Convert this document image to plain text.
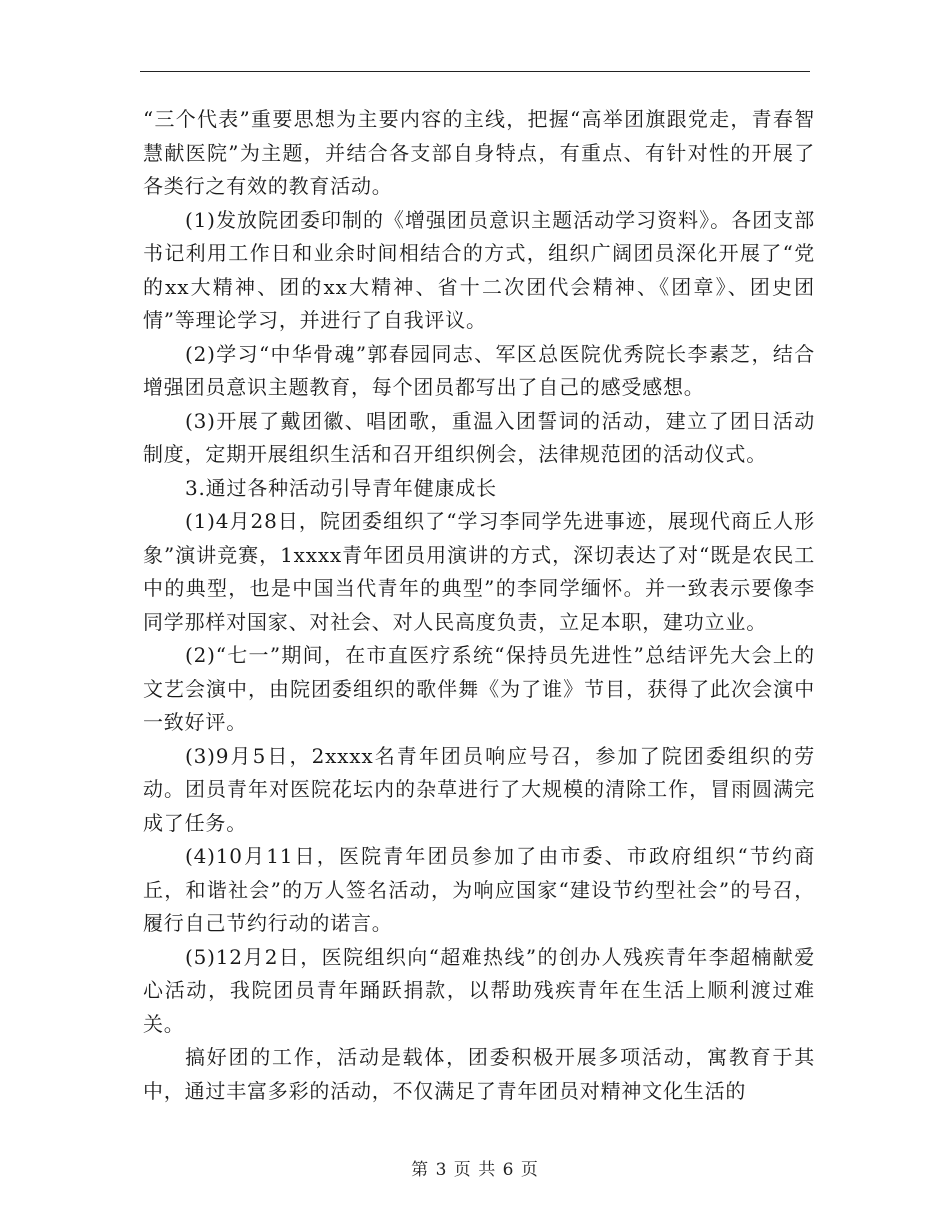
“三个代表”重要思想为主要内容的主线，把握“高举团旗跟党走，青春智慧献医院”为主题，并结合各支部自身特点，有重点、有针对性的开展了各类行之有效的教育活动。

(1)发放院团委印制的《增强团员意识主题活动学习资料》。各团支部书记利用工作日和业余时间相结合的方式，组织广阔团员深化开展了“党的xx大精神、团的xx大精神、省十二次团代会精神、《团章》、团史团情”等理论学习，并进行了自我评议。

(2)学习“中华骨魂”郭春园同志、军区总医院优秀院长李素芝，结合增强团员意识主题教育，每个团员都写出了自己的感受感想。

(3)开展了戴团徽、唱团歌，重温入团誓词的活动，建立了团日活动制度，定期开展组织生活和召开组织例会，法律规范团的活动仪式。

3.通过各种活动引导青年健康成长

(1)4月28日，院团委组织了“学习李同学先进事迹，展现代商丘人形象”演讲竞赛，1xxxx青年团员用演讲的方式，深切表达了对“既是农民工中的典型，也是中国当代青年的典型”的李同学缅怀。并一致表示要像李同学那样对国家、对社会、对人民高度负责，立足本职，建功立业。

(2)“七一”期间，在市直医疗系统“保持员先进性”总结评先大会上的文艺会演中，由院团委组织的歌伴舞《为了谁》节目，获得了此次会演中一致好评。

(3)9月5日，2xxxx名青年团员响应号召，参加了院团委组织的劳动。团员青年对医院花坛内的杂草进行了大规模的清除工作，冒雨圆满完成了任务。

(4)10月11日，医院青年团员参加了由市委、市政府组织“节约商丘，和谐社会”的万人签名活动，为响应国家“建设节约型社会”的号召，履行自己节约行动的诺言。

(5)12月2日，医院组织向“超难热线”的创办人残疾青年李超楠献爱心活动，我院团员青年踊跃捐款，以帮助残疾青年在生活上顺利渡过难关。

搞好团的工作，活动是载体，团委积极开展多项活动，寓教育于其中，通过丰富多彩的活动，不仅满足了青年团员对精神文化生活的

第 3 页 共 6 页
